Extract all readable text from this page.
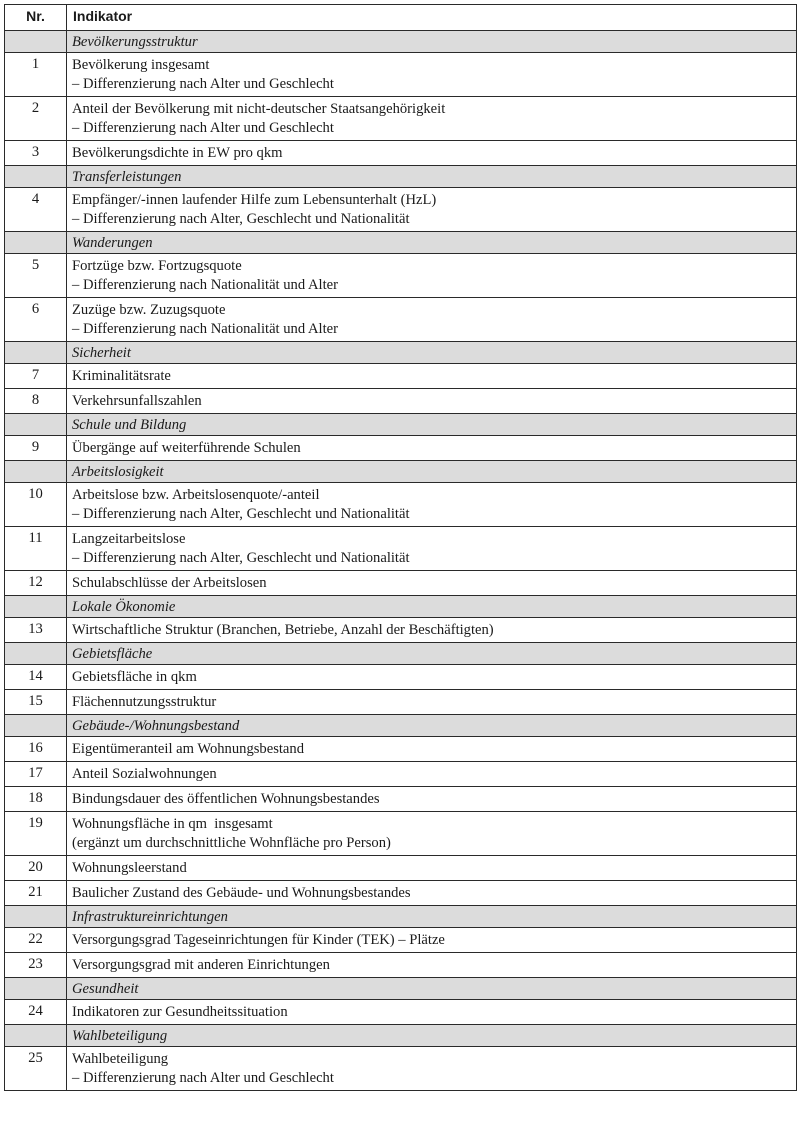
Nr.	Indikator
	Bevölkerungsstruktur
1	Bevölkerung insgesamt
– Differenzierung nach Alter und Geschlecht

2	Anteil der Bevölkerung mit nicht-deutscher Staatsangehörigkeit
– Differenzierung nach Alter und Geschlecht

3	Bevölkerungsdichte in EW pro qkm

	Transferleistungen
4	Empfänger/-innen laufender Hilfe zum Lebensunterhalt (HzL)
– Differenzierung nach Alter, Geschlecht und Nationalität

	Wanderungen
5	Fortzüge bzw. Fortzugsquote
– Differenzierung nach Nationalität und Alter

6	Zuzüge bzw. Zuzugsquote
– Differenzierung nach Nationalität und Alter

	Sicherheit
7	Kriminalitätsrate

8	Verkehrsunfallszahlen

	Schule und Bildung
9	Übergänge auf weiterführende Schulen

	Arbeitslosigkeit
10	Arbeitslose bzw. Arbeitslosenquote/-anteil
– Differenzierung nach Alter, Geschlecht und Nationalität

11	Langzeitarbeitslose
– Differenzierung nach Alter, Geschlecht und Nationalität

12	Schulabschlüsse der Arbeitslosen

	Lokale Ökonomie
13	Wirtschaftliche Struktur (Branchen, Betriebe, Anzahl der Beschäftigten)

	Gebietsfläche
14	Gebietsfläche in qkm

15	Flächennutzungsstruktur

	Gebäude-/Wohnungsbestand
16	Eigentümeranteil am Wohnungsbestand

17	Anteil Sozialwohnungen

18	Bindungsdauer des öffentlichen Wohnungsbestandes

19	Wohnungsfläche in qm  insgesamt
(ergänzt um durchschnittliche Wohnfläche pro Person)

20	Wohnungsleerstand

21	Baulicher Zustand des Gebäude- und Wohnungsbestandes

	Infrastruktureinrichtungen
22	Versorgungsgrad Tageseinrichtungen für Kinder (TEK) – Plätze

23	Versorgungsgrad mit anderen Einrichtungen

	Gesundheit
24	Indikatoren zur Gesundheitssituation

	Wahlbeteiligung
25	Wahlbeteiligung
– Differenzierung nach Alter und Geschlecht
